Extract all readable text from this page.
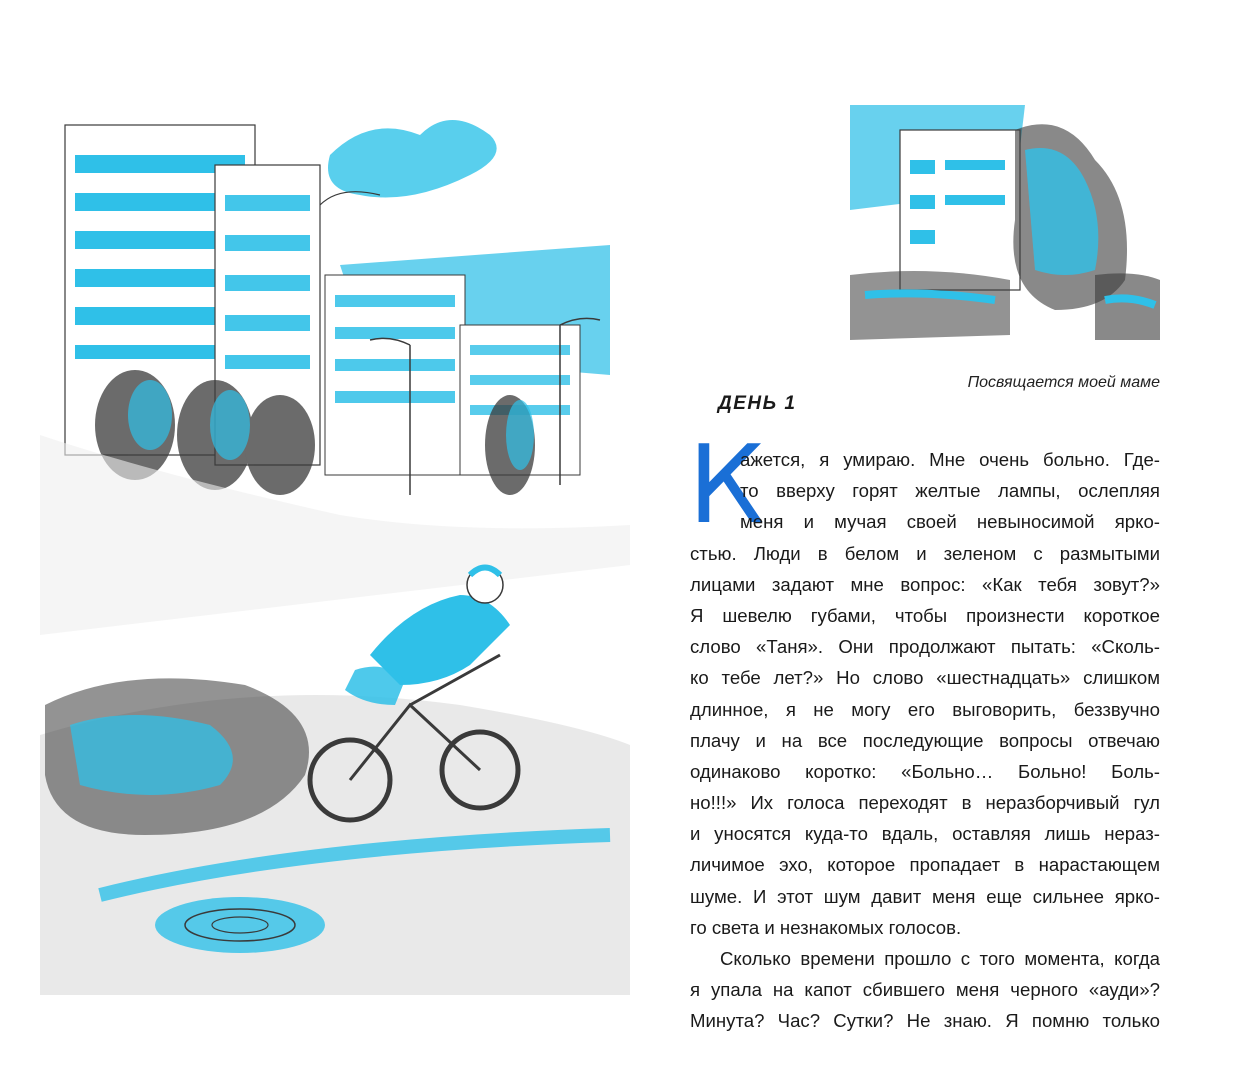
Посвящается моей маме
ДЕНЬ 1
К
ажется, я умираю. Мне очень больно. Где-
то вверху горят желтые лампы, ослепляя
меня и мучая своей невыносимой ярко-
стью. Люди в белом и зеленом с размытыми
лицами задают мне вопрос: «Как тебя зовут?»
Я шевелю губами, чтобы произнести короткое
слово «Таня». Они продолжают пытать: «Сколь-
ко тебе лет?» Но слово «шестнадцать» слишком
длинное, я не могу его выговорить, беззвучно
плачу и на все последующие вопросы отвечаю
одинаково коротко: «Больно… Больно! Боль-
но!!!» Их голоса переходят в неразборчивый гул
и уносятся куда-то вдаль, оставляя лишь нераз-
личимое эхо, которое пропадает в нарастающем
шуме. И этот шум давит меня еще сильнее ярко-
го света и незнакомых голосов.
Сколько времени прошло с того момента, когда
я упала на капот сбившего меня черного «ауди»?
Минута? Час? Сутки? Не знаю. Я помню только
